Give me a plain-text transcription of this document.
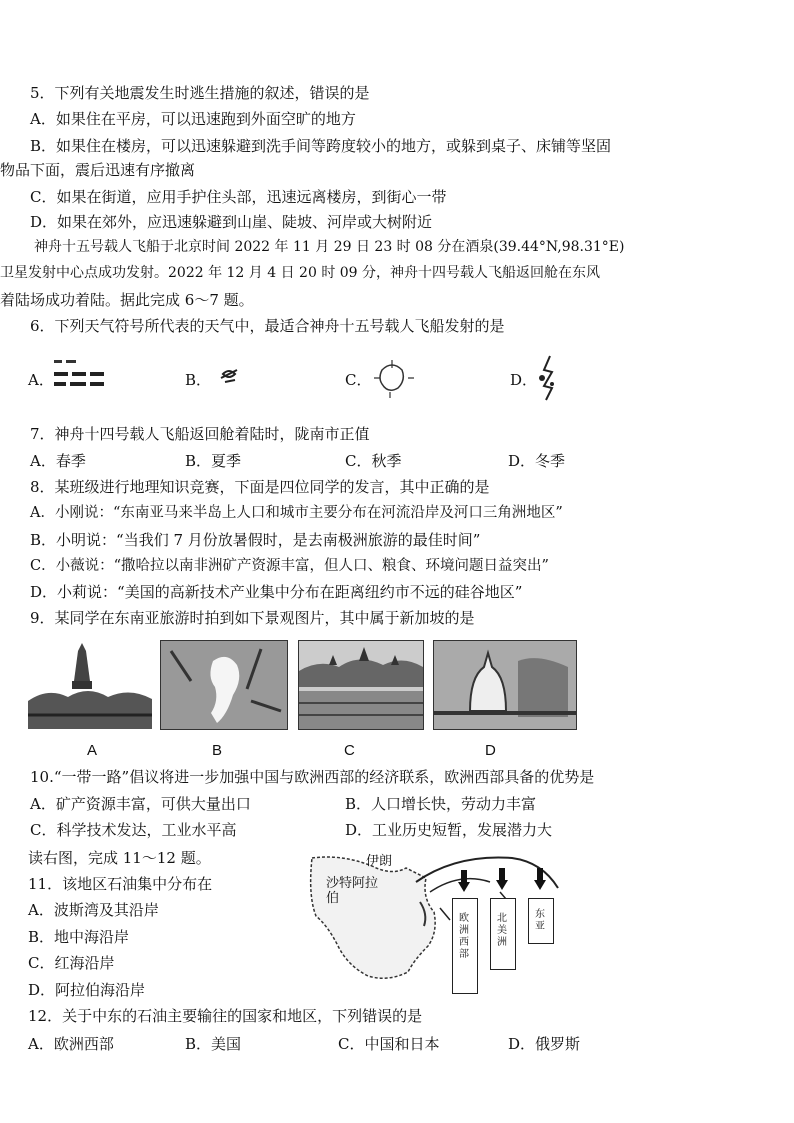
5．下列有关地震发生时逃生措施的叙述，错误的是
A．如果住在平房，可以迅速跑到外面空旷的地方
B．如果住在楼房，可以迅速躲避到洗手间等跨度较小的地方，或躲到桌子、床铺等坚固
物品下面，震后迅速有序撤离
C．如果在街道，应用手护住头部，迅速远离楼房，到街心一带
D．如果在郊外，应迅速躲避到山崖、陡坡、河岸或大树附近
神舟十五号载人飞船于北京时间 2022 年 11 月 29 日 23 时 08 分在酒泉(39.44°N,98.31°E)
卫星发射中心点成功发射。2022 年 12 月 4 日 20 时 09 分，神舟十四号载人飞船返回舱在东风
着陆场成功着陆。据此完成 6～7 题。
6．下列天气符号所代表的天气中，最适合神舟十五号载人飞船发射的是
A．	B．	C．	D．
7．神舟十四号载人飞船返回舱着陆时，陇南市正值
A．春季	B．夏季	C．秋季	D．冬季
8．某班级进行地理知识竞赛，下面是四位同学的发言，其中正确的是
A．小刚说：“东南亚马来半岛上人口和城市主要分布在河流沿岸及河口三角洲地区”
B．小明说：“当我们 7 月份放暑假时，是去南极洲旅游的最佳时间”
C．小薇说：“撒哈拉以南非洲矿产资源丰富，但人口、粮食、环境问题日益突出”
D．小莉说：“美国的高新技术产业集中分布在距离纽约市不远的硅谷地区”
9．某同学在东南亚旅游时拍到如下景观图片，其中属于新加坡的是
A	B	C	D
10.“一带一路”倡议将进一步加强中国与欧洲西部的经济联系，欧洲西部具备的优势是
A．矿产资源丰富，可供大量出口	B．人口增长快，劳动力丰富
C．科学技术发达，工业水平高	D．工业历史短暂，发展潜力大
读右图，完成 11～12 题。
11．该地区石油集中分布在
A．波斯湾及其沿岸
B．地中海沿岸
C．红海沿岸
D．阿拉伯海沿岸
伊朗
沙特阿拉伯
欧洲西部
北美洲
东亚
12．关于中东的石油主要输往的国家和地区，下列错误的是
A．欧洲西部	B．美国	C．中国和日本	D．俄罗斯
